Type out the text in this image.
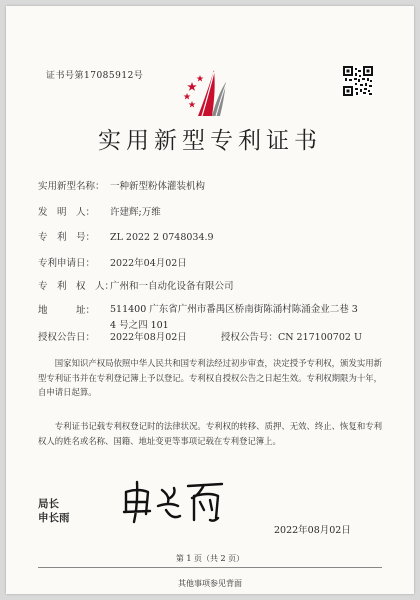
证书号第17085912号
实用新型专利证书
实用新型名称： 一种新型粉体灌装机构
发　明　人： 许建辉;万维
专　利　号： ZL 2022 2 0748034.9
专利申请日： 2022年04月02日
专　利　权　人：广州和一自动化设备有限公司
地　　　址： 511400 广东省广州市番禺区桥南街陈涌村陈涌金业二巷 3
4 号之四 101
授权公告日： 2022年08月02日	授权公告号：CN 217100702 U
国家知识产权局依照中华人民共和国专利法经过初步审查，决定授予专利权，颁发实用新型专利证书并在专利登记簿上予以登记。专利权自授权公告之日起生效。专利权期限为十年，自申请日起算。
专利证书记载专利权登记时的法律状况。专利权的转移、质押、无效、终止、恢复和专利权人的姓名或名称、国籍、地址变更等事项记载在专利登记簿上。
局长
申长雨
2022年08月02日
第 1 页（共 2 页）
其他事项参见背面
